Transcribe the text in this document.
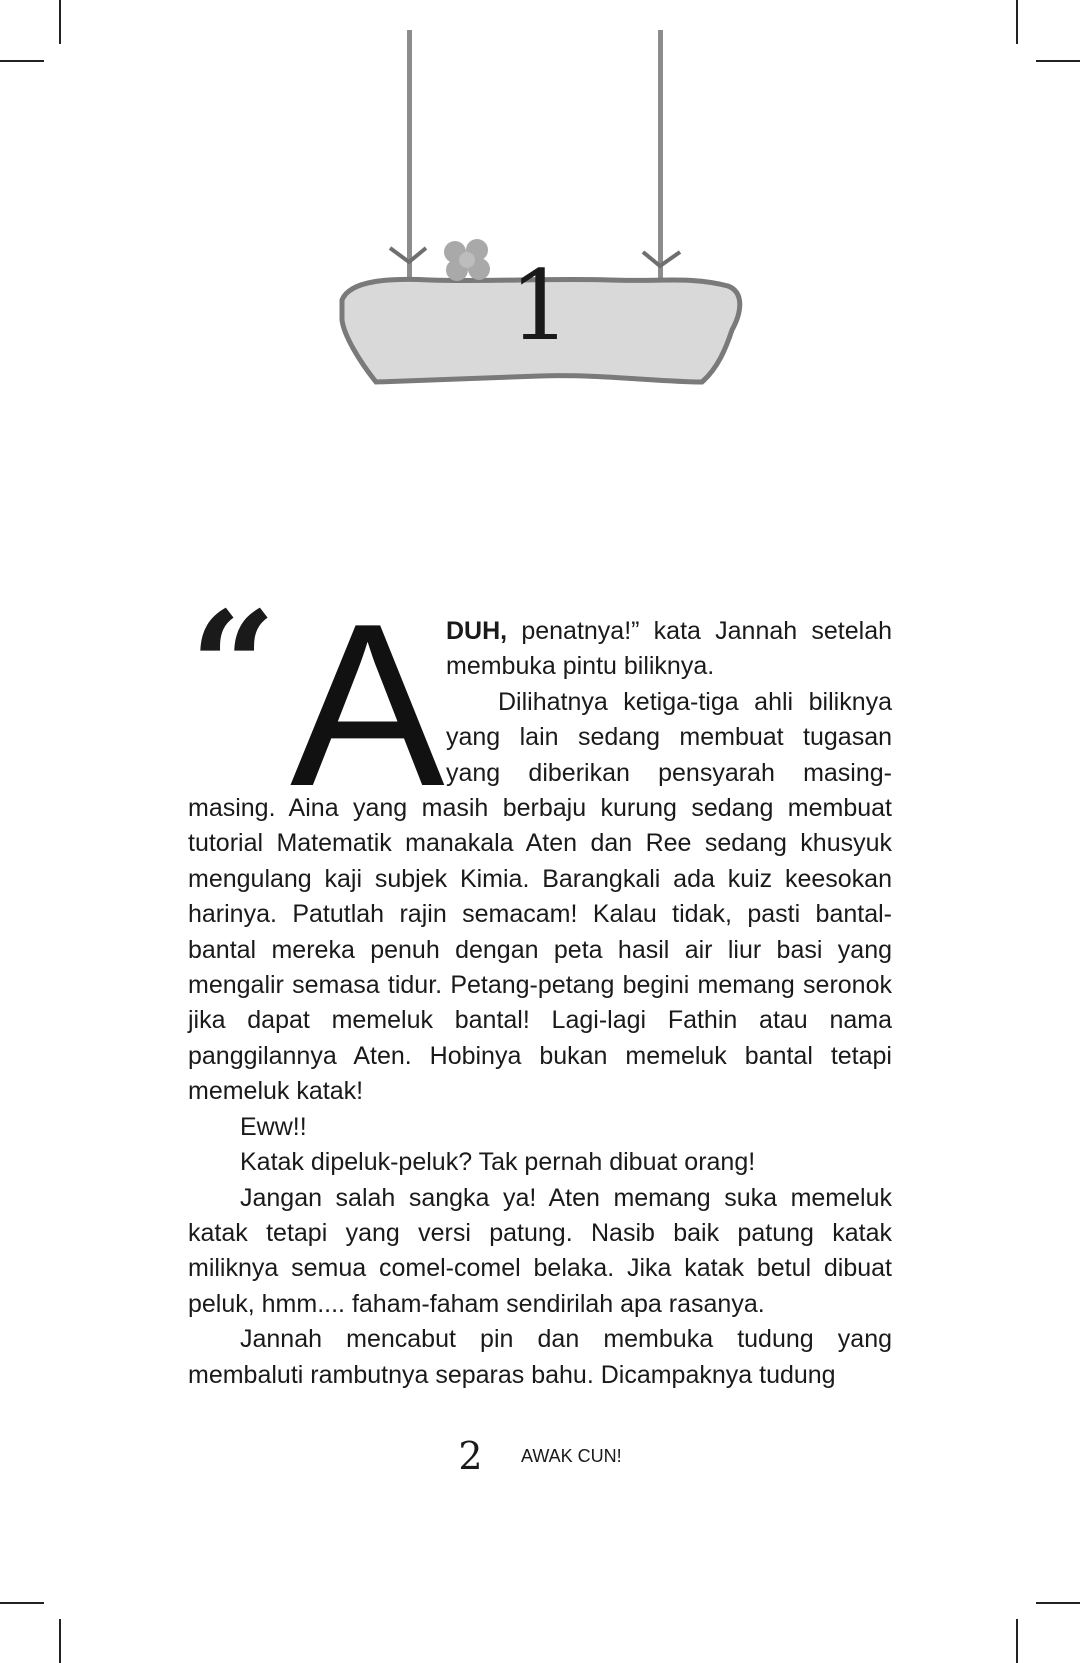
1
“ A DUH, penatnya!” kata Jannah setelah membuka pintu biliknya.

Dilihatnya ketiga-tiga ahli biliknya yang lain sedang membuat tugasan yang diberikan pensyarah masing-masing. Aina yang masih berbaju kurung sedang membuat tutorial Matematik manakala Aten dan Ree sedang khusyuk mengulang kaji subjek Kimia. Barangkali ada kuiz keesokan harinya. Patutlah rajin semacam! Kalau tidak, pasti bantal-bantal mereka penuh dengan peta hasil air liur basi yang mengalir semasa tidur. Petang-petang begini memang seronok jika dapat memeluk bantal! Lagi-lagi Fathin atau nama panggilannya Aten. Hobinya bukan memeluk bantal tetapi memeluk katak!

Eww!!

Katak dipeluk-peluk? Tak pernah dibuat orang!

Jangan salah sangka ya! Aten memang suka memeluk katak tetapi yang versi patung. Nasib baik patung katak miliknya semua comel-comel belaka. Jika katak betul dibuat peluk, hmm.... faham-faham sendirilah apa rasanya.

Jannah mencabut pin dan membuka tudung yang membaluti rambutnya separas bahu. Dicampaknya tudung

2 AWAK CUN!
